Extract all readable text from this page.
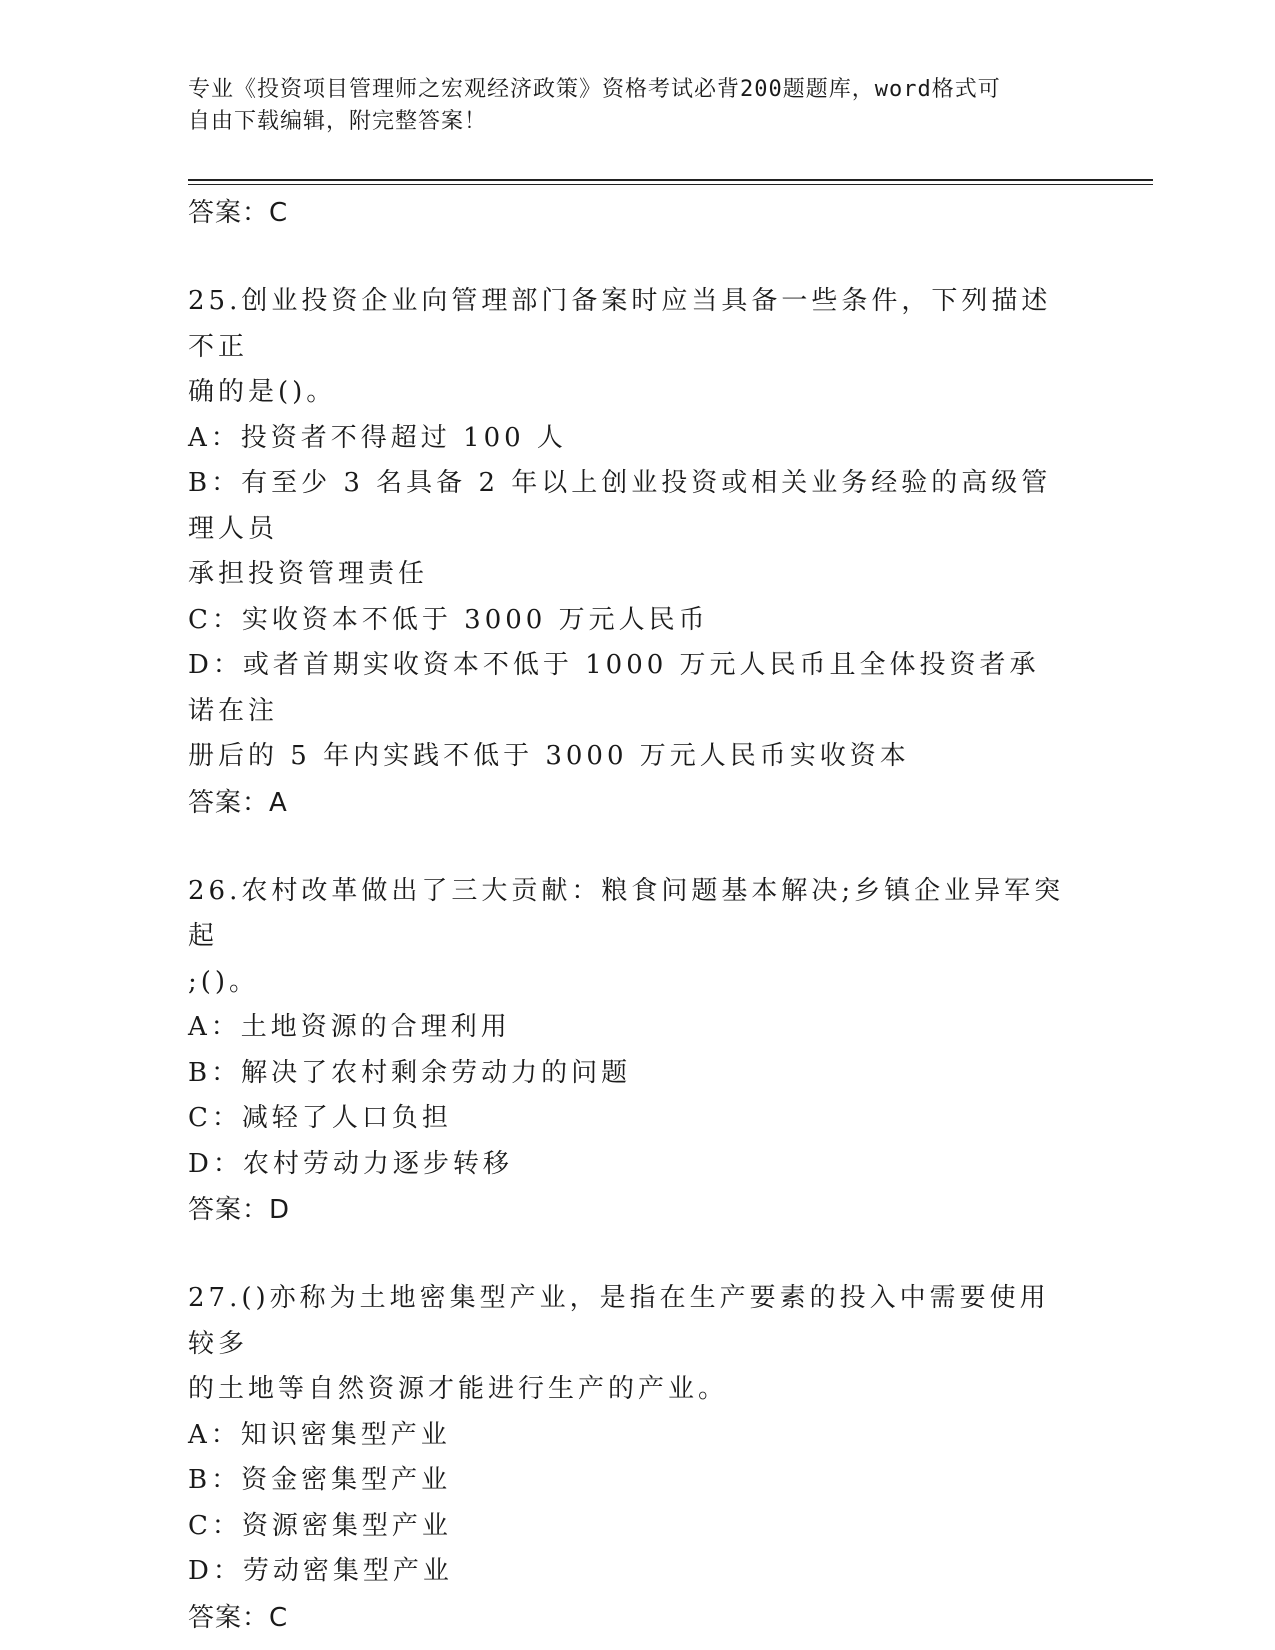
专业《投资项目管理师之宏观经济政策》资格考试必背200题题库，word格式可
自由下载编辑，附完整答案！

答案：C

25.创业投资企业向管理部门备案时应当具备一些条件，下列描述不正

确的是()。

A：投资者不得超过 100 人

B：有至少 3 名具备 2 年以上创业投资或相关业务经验的高级管理人员

承担投资管理责任

C：实收资本不低于 3000 万元人民币

D：或者首期实收资本不低于 1000 万元人民币且全体投资者承诺在注

册后的 5 年内实践不低于 3000 万元人民币实收资本

答案：A

26.农村改革做出了三大贡献：粮食问题基本解决;乡镇企业异军突起

;()。

A：土地资源的合理利用

B：解决了农村剩余劳动力的问题

C：减轻了人口负担

D：农村劳动力逐步转移

答案：D

27.()亦称为土地密集型产业，是指在生产要素的投入中需要使用较多

的土地等自然资源才能进行生产的产业。

A：知识密集型产业

B：资金密集型产业

C：资源密集型产业

D：劳动密集型产业

答案：C
